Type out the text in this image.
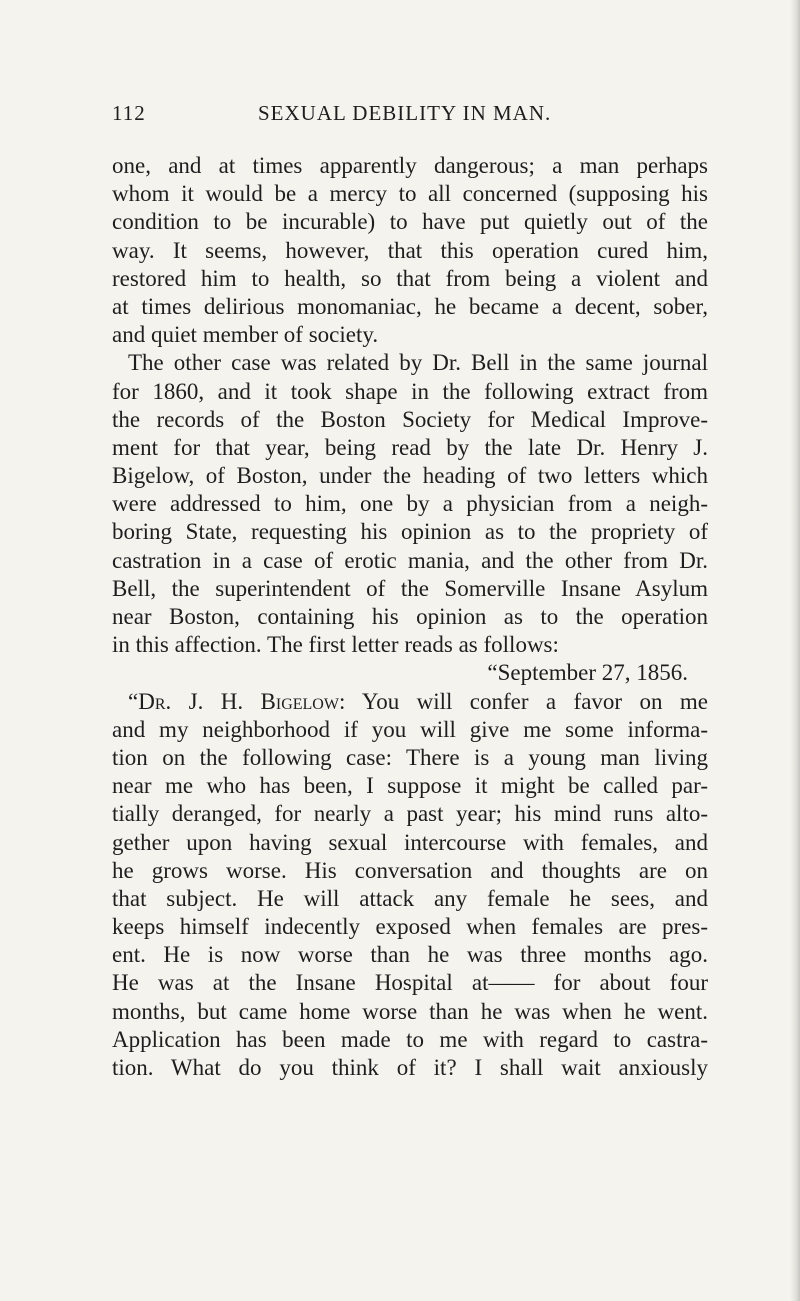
112	SEXUAL DEBILITY IN MAN.
one, and at times apparently dangerous; a man perhaps
whom it would be a mercy to all concerned (supposing his
condition to be incurable) to have put quietly out of the
way. It seems, however, that this operation cured him,
restored him to health, so that from being a violent and
at times delirious monomaniac, he became a decent, sober,
and quiet member of society.
The other case was related by Dr. Bell in the same journal
for 1860, and it took shape in the following extract from
the records of the Boston Society for Medical Improve-
ment for that year, being read by the late Dr. Henry J.
Bigelow, of Boston, under the heading of two letters which
were addressed to him, one by a physician from a neigh-
boring State, requesting his opinion as to the propriety of
castration in a case of erotic mania, and the other from Dr.
Bell, the superintendent of the Somerville Insane Asylum
near Boston, containing his opinion as to the operation
in this affection. The first letter reads as follows:
“September 27, 1856.
“Dr. J. H. Bigelow: You will confer a favor on me
and my neighborhood if you will give me some informa-
tion on the following case: There is a young man living
near me who has been, I suppose it might be called par-
tially deranged, for nearly a past year; his mind runs alto-
gether upon having sexual intercourse with females, and
he grows worse. His conversation and thoughts are on
that subject. He will attack any female he sees, and
keeps himself indecently exposed when females are pres-
ent. He is now worse than he was three months ago.
He was at the Insane Hospital at—— for about four
months, but came home worse than he was when he went.
Application has been made to me with regard to castra-
tion. What do you think of it? I shall wait anxiously
